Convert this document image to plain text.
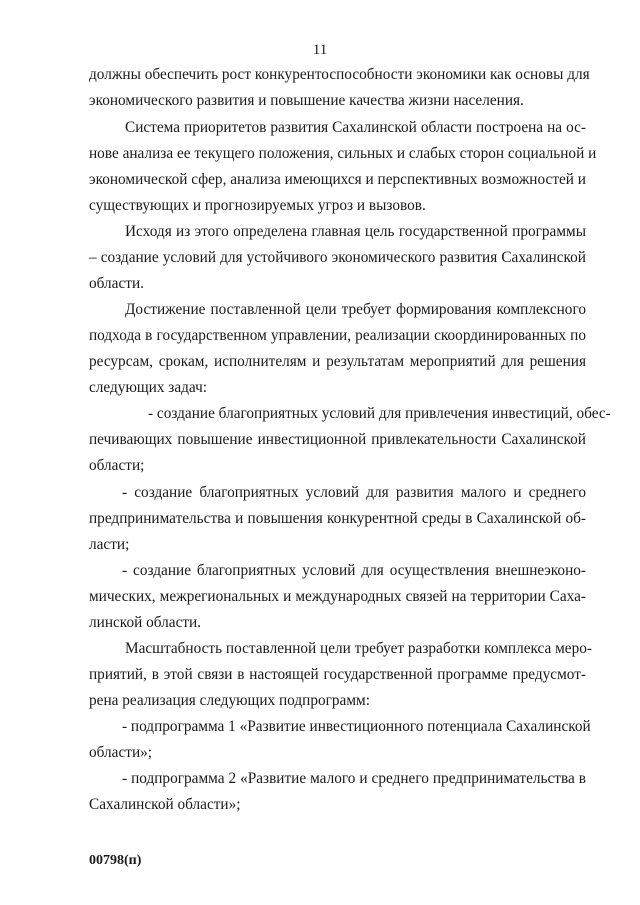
11
должны обеспечить рост конкурентоспособности экономики как основы для
экономического развития и повышение качества жизни населения.
Система приоритетов развития Сахалинской области построена на ос-
нове анализа ее текущего положения, сильных и слабых сторон социальной и
экономической сфер, анализа имеющихся и перспективных возможностей и
существующих и прогнозируемых угроз и вызовов.
Исходя из этого определена главная цель государственной программы
– создание условий для устойчивого экономического развития Сахалинской
области.
Достижение поставленной цели требует формирования комплексного
подхода в государственном управлении, реализации скоординированных по
ресурсам, срокам, исполнителям и результатам мероприятий для решения
следующих задач:
- создание благоприятных условий для привлечения инвестиций, обес-
печивающих повышение инвестиционной привлекательности Сахалинской
области;
- создание благоприятных условий для развития малого и среднего
предпринимательства и повышения конкурентной среды в Сахалинской об-
ласти;
- создание благоприятных условий для осуществления внешнеэконо-
мических, межрегиональных и международных связей на территории Саха-
линской области.
Масштабность поставленной цели требует разработки комплекса меро-
приятий, в этой связи в настоящей государственной программе предусмот-
рена реализация следующих подпрограмм:
- подпрограмма 1 «Развитие инвестиционного потенциала Сахалинской
области»;
- подпрограмма 2 «Развитие малого и среднего предпринимательства в
Сахалинской области»;
00798(п)
